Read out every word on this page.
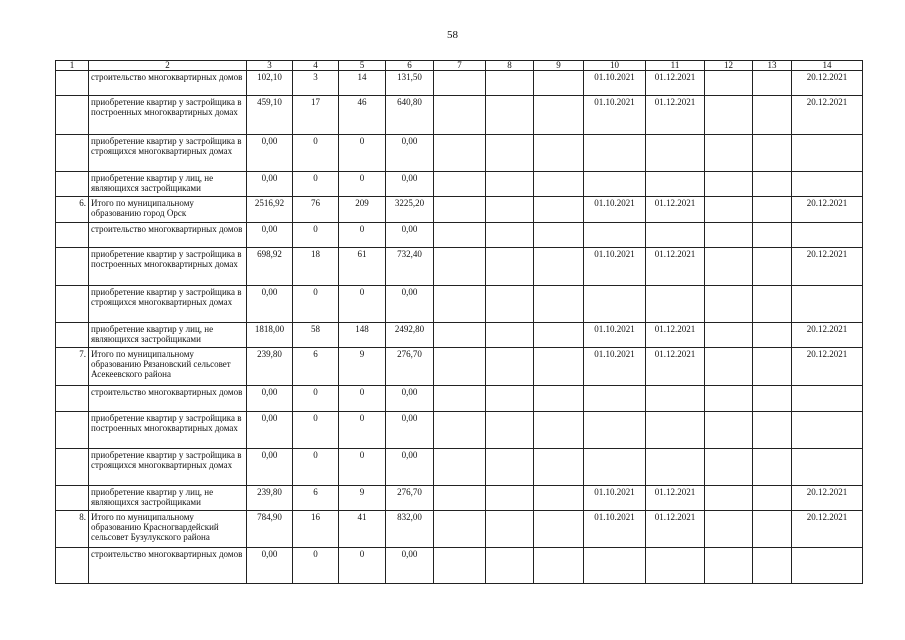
58
1	2	3	4	5	6	7	8	9	10	11	12	13	14
	строительство многоквартирных домов	102,10	3	14	131,50				01.10.2021	01.12.2021			20.12.2021
	приобретение квартир у застройщика в построенных многоквартирных домах	459,10	17	46	640,80				01.10.2021	01.12.2021			20.12.2021
	приобретение квартир у застройщика в строящихся многоквартирных домах	0,00	0	0	0,00								
	приобретение квартир у лиц, не являющихся застройщиками	0,00	0	0	0,00								
6.	Итого по муниципальному образованию город Орск	2516,92	76	209	3225,20				01.10.2021	01.12.2021			20.12.2021
	строительство многоквартирных домов	0,00	0	0	0,00								
	приобретение квартир у застройщика в построенных многоквартирных домах	698,92	18	61	732,40				01.10.2021	01.12.2021			20.12.2021
	приобретение квартир у застройщика в строящихся многоквартирных домах	0,00	0	0	0,00								
	приобретение квартир у лиц, не являющихся застройщиками	1818,00	58	148	2492,80				01.10.2021	01.12.2021			20.12.2021
7.	Итого по муниципальному образованию Рязановский сельсовет Асекеевского района	239,80	6	9	276,70				01.10.2021	01.12.2021			20.12.2021
	строительство многоквартирных домов	0,00	0	0	0,00								
	приобретение квартир у застройщика в построенных многоквартирных домах	0,00	0	0	0,00								
	приобретение квартир у застройщика в строящихся многоквартирных домах	0,00	0	0	0,00								
	приобретение квартир у лиц, не являющихся застройщиками	239,80	6	9	276,70				01.10.2021	01.12.2021			20.12.2021
8.	Итого по муниципальному образованию Красногвардейский сельсовет Бузулукского района	784,90	16	41	832,00				01.10.2021	01.12.2021			20.12.2021
	строительство многоквартирных домов	0,00	0	0	0,00								
